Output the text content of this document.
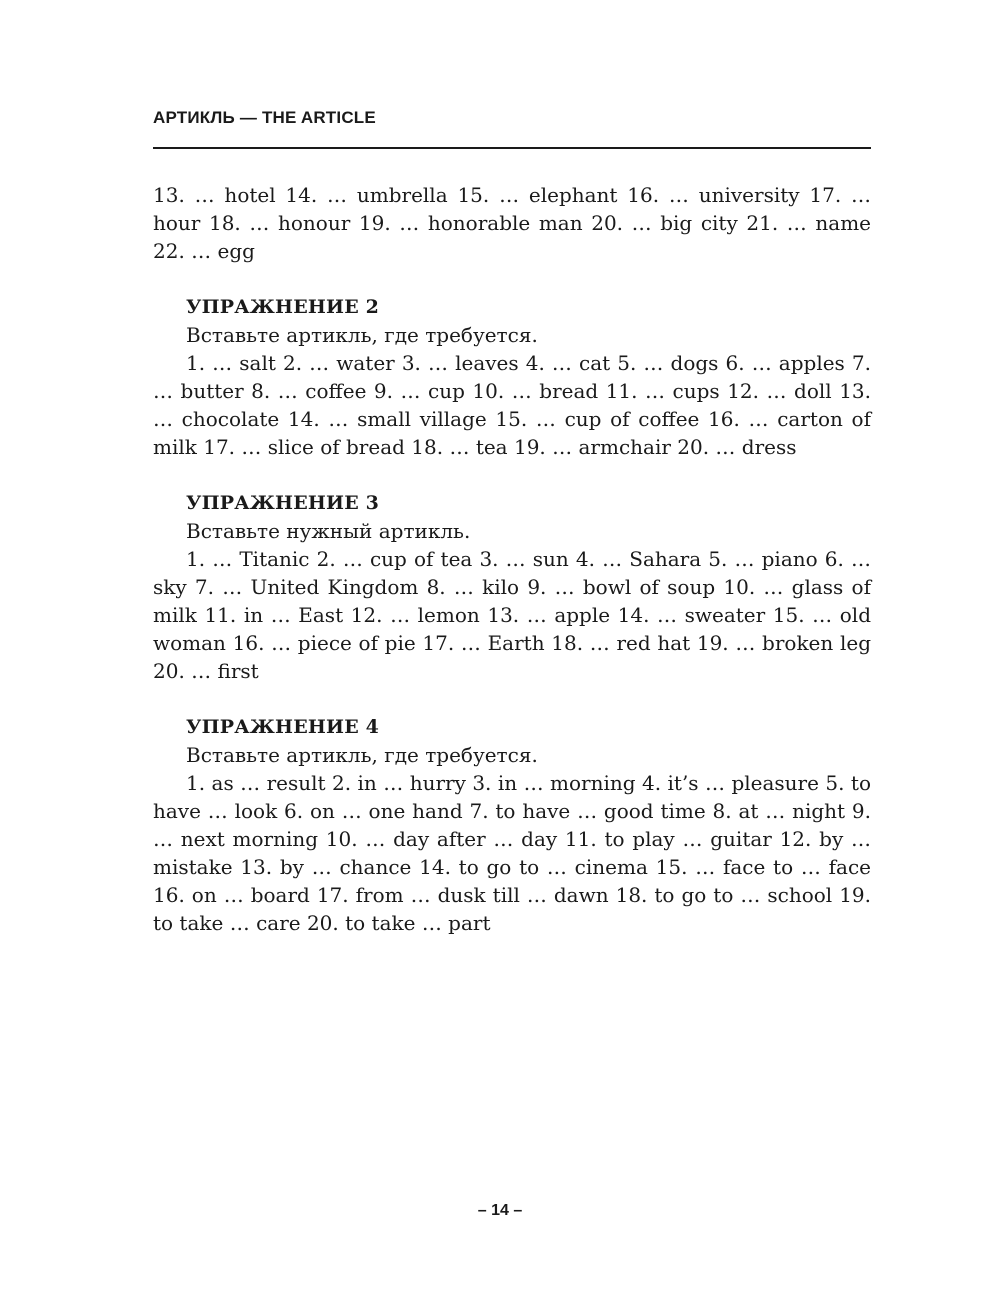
АРТИКЛЬ — THE ARTICLE

13. … hotel 14. … umbrella 15. … elephant 16. … university 17. … hour 18. … honour 19. … honorable man 20. … big city 21. … name 22. … egg

УПРАЖНЕНИЕ 2

Вставьте артикль, где требуется.

1. … salt 2. … water 3. … leaves 4. … cat 5. … dogs 6. … apples 7. … butter 8. … coffee 9. … cup 10. … bread 11. … cups 12. … doll 13. … chocolate 14. … small village 15. … cup of coffee 16. … carton of milk 17. … slice of bread 18. … tea 19. … armchair 20. … dress

УПРАЖНЕНИЕ 3

Вставьте нужный артикль.

1. … Titanic 2. … cup of tea 3. … sun 4. … Sahara 5. … piano 6. … sky 7. … United Kingdom 8. … kilo 9. … bowl of soup 10. … glass of milk 11. in … East 12. … lemon 13. … apple 14. … sweater 15. … old woman 16. … piece of pie 17. … Earth 18. … red hat 19. … broken leg 20. … first

УПРАЖНЕНИЕ 4

Вставьте артикль, где требуется.

1. as … result 2. in … hurry 3. in … morning 4. it’s … pleasure 5. to have … look 6. on … one hand 7. to have … good time 8. at … night 9. … next morning 10. … day after … day 11. to play … guitar 12. by … mistake 13. by … chance 14. to go to … cinema 15. … face to … face 16. on … board 17. from … dusk till … dawn 18. to go to … school 19. to take … care 20. to take … part

– 14 –
